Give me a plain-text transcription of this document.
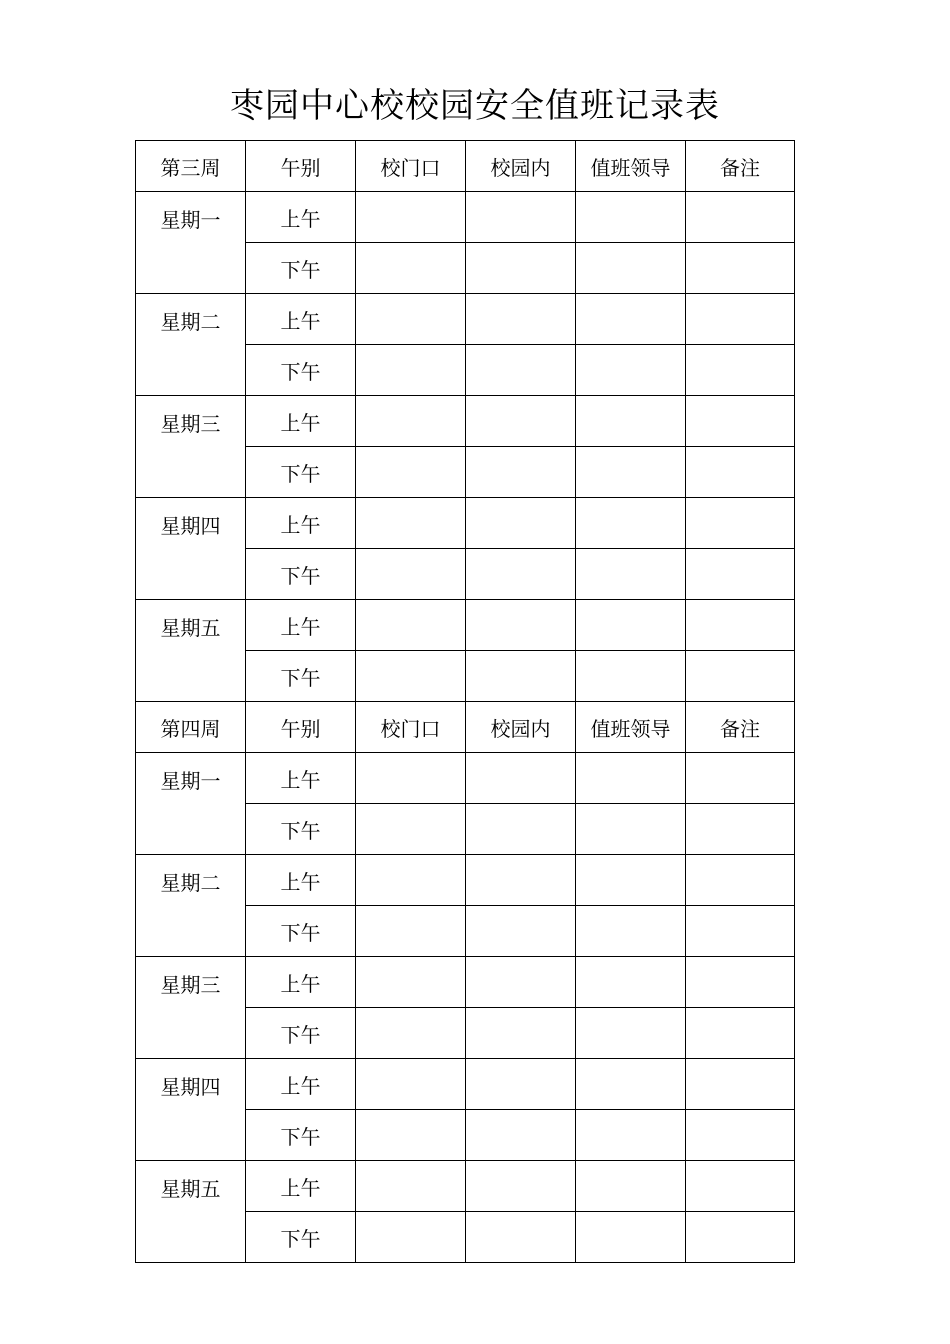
枣园中心校校园安全值班记录表
第三周	午别	校门口	校园内	值班领导	备注
星期一	上午				
	下午				
星期二	上午				
	下午				
星期三	上午				
	下午				
星期四	上午				
	下午				
星期五	上午				
	下午				
第四周	午别	校门口	校园内	值班领导	备注
星期一	上午				
	下午				
星期二	上午				
	下午				
星期三	上午				
	下午				
星期四	上午				
	下午				
星期五	上午				
	下午				
